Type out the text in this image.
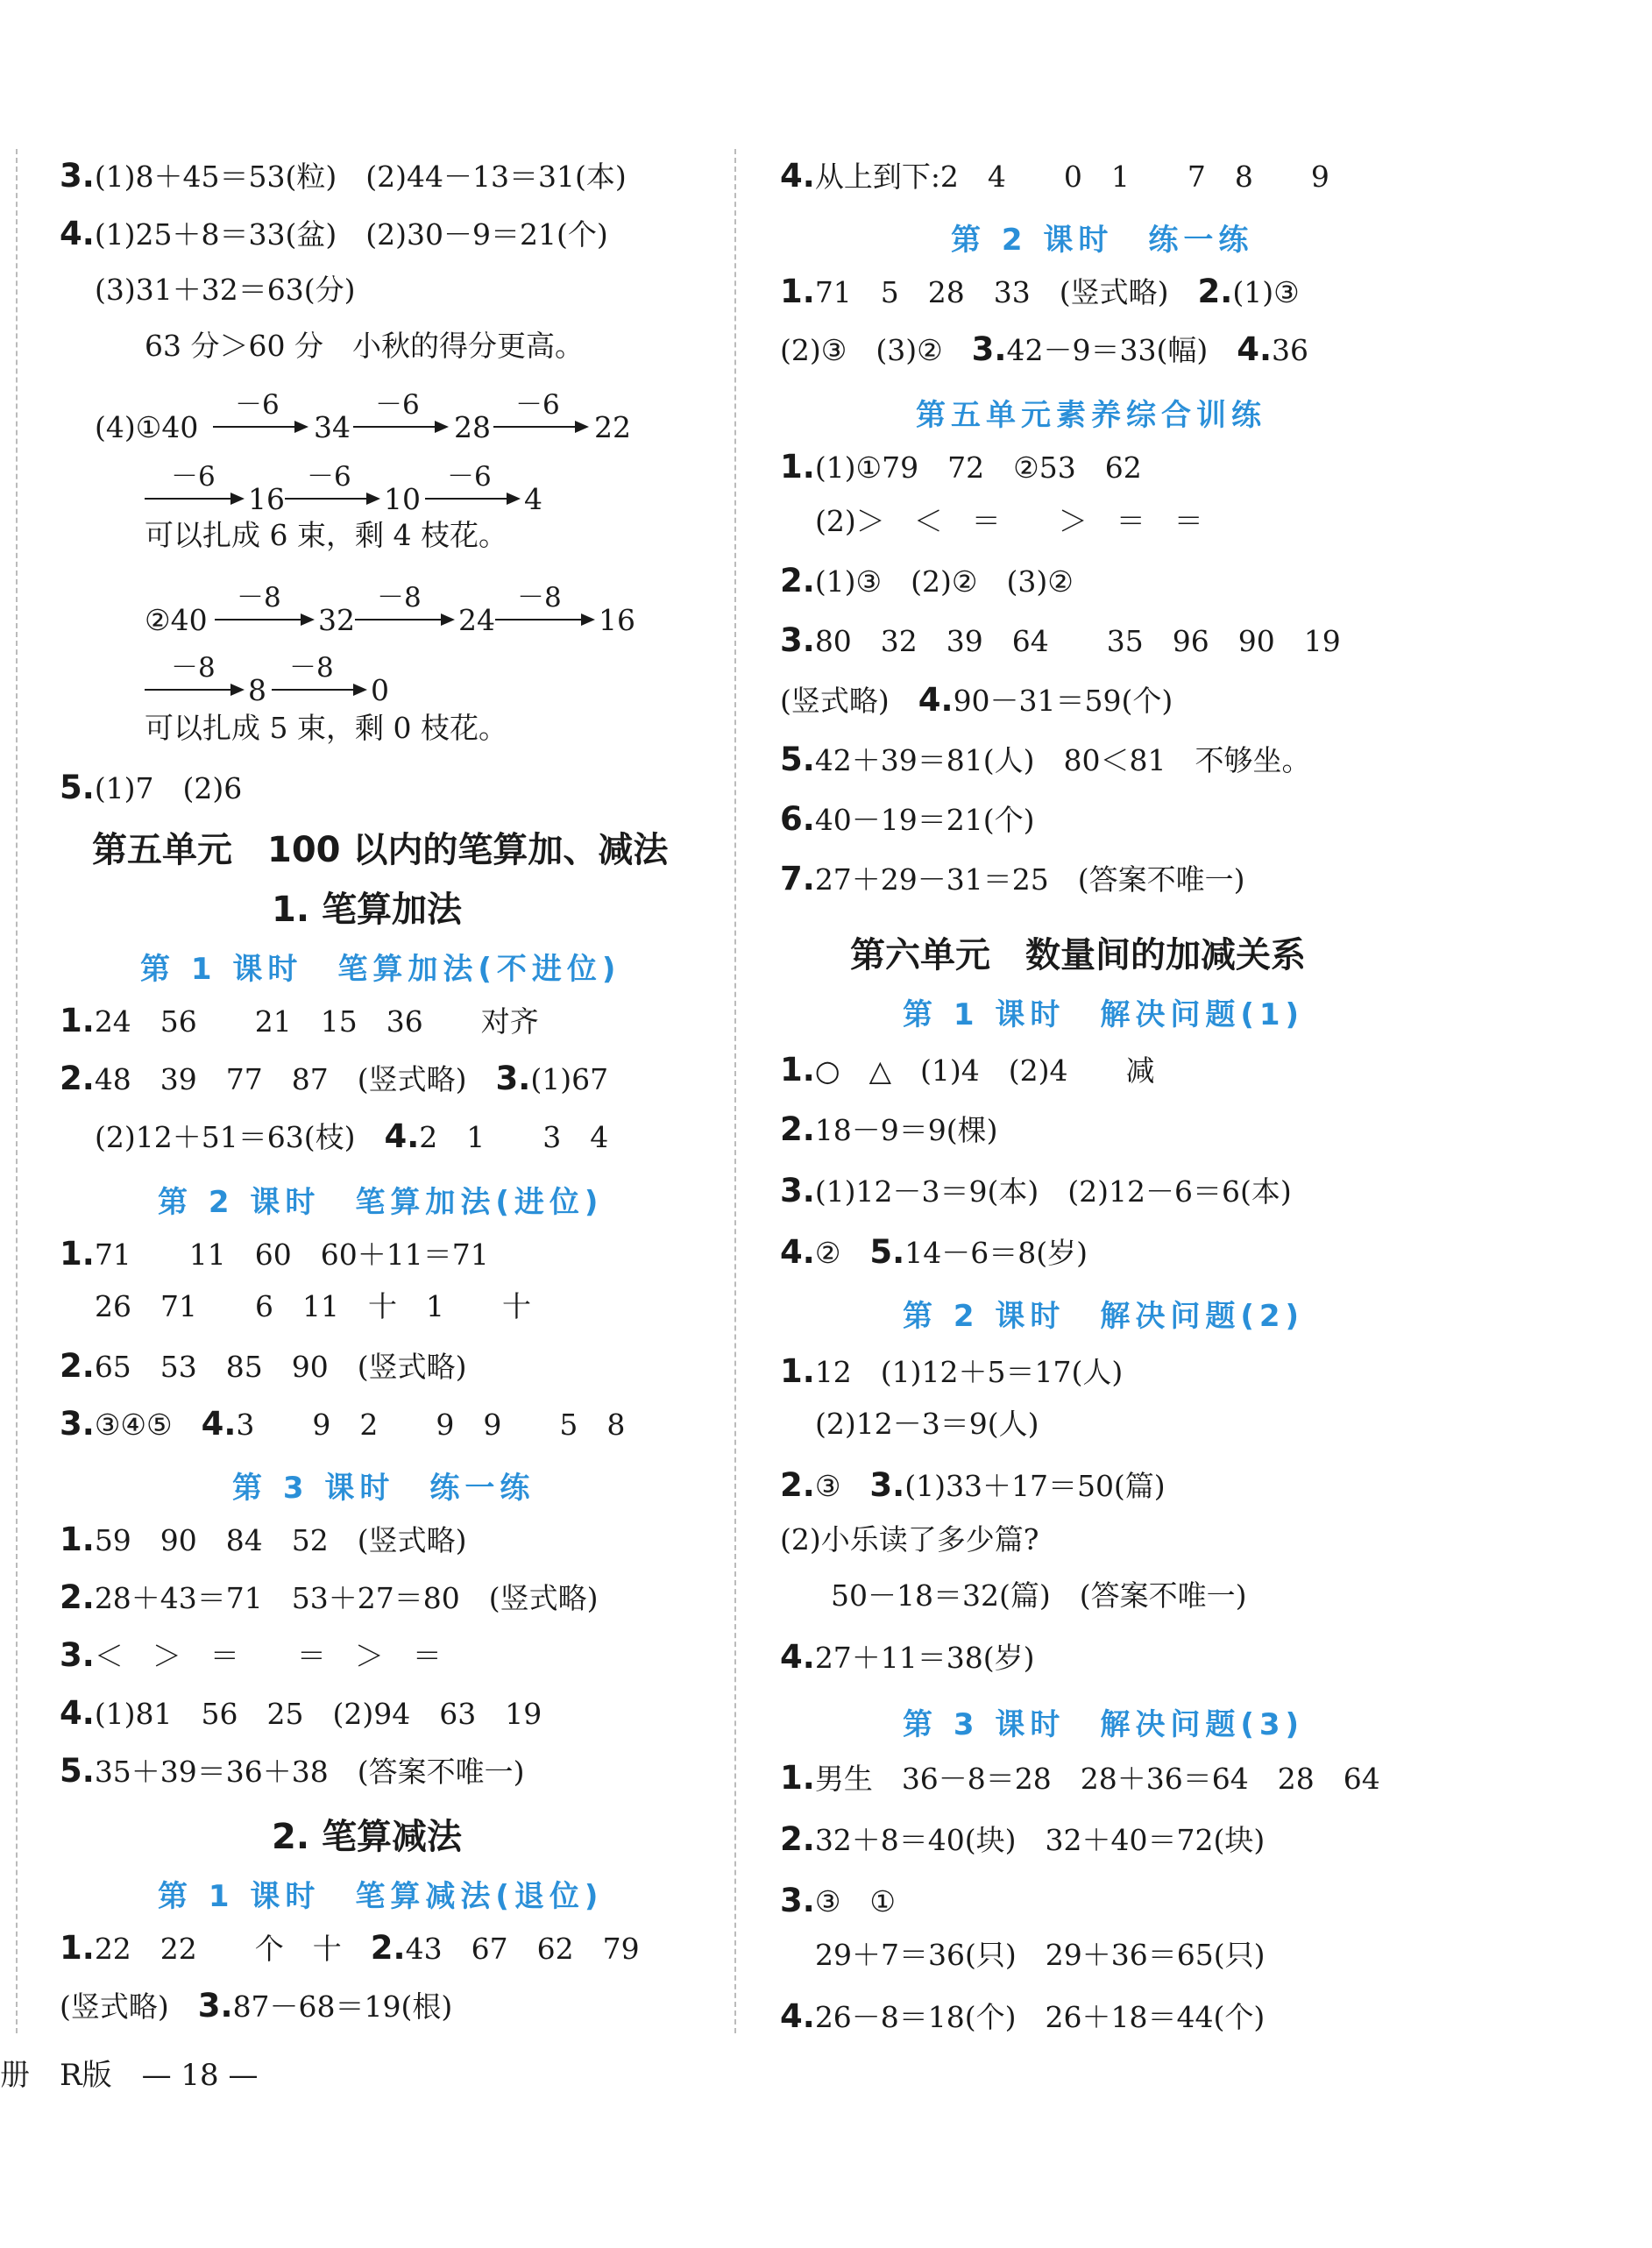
3.(1)8＋45＝53(粒)　(2)44－13＝31(本)
4.(1)25＋8＝33(盆)　(2)30－9＝21(个)
(3)31＋32＝63(分)
63 分＞60 分　小秋的得分更高。
(4)①40
－6
34
－6
28
－6
22
－6
16
－6
10
－6
4
可以扎成 6 束，剩 4 枝花。
②40
－8
32
－8
24
－8
16
－8
8
－8
0
可以扎成 5 束，剩 0 枝花。
5.(1)7　(2)6
第五单元　100 以内的笔算加、减法
1. 笔算加法
第 1 课时　笔算加法(不进位)
1.24　56　　21　15　36　　对齐
2.48　39　77　87　(竖式略)　 3.(1)67
(2)12＋51＝63(枝)　 4.2　1　　3　4
第 2 课时　笔算加法(进位)
1.71　　11　60　60＋11＝71
26　71　　6　11　十　1　　十
2.65　53　85　90　(竖式略)
3.③④⑤　 4.3　　9　2　　9　9　　5　8
第 3 课时　练一练
1.59　90　84　52　(竖式略)
2.28＋43＝71　53＋27＝80　(竖式略)
3.＜　＞　＝　　＝　＞　＝
4.(1)81　56　25　(2)94　63　19
5.35＋39＝36＋38　(答案不唯一)
2. 笔算减法
第 1 课时　笔算减法(退位)
1.22　22　　个　十　 2.43　67　62　79
(竖式略)　 3.87－68＝19(根)
4.从上到下:2　4　　0　1　　7　8　　9
第 2 课时　练一练
1.71　5　28　33　(竖式略)　 2.(1)③
(2)③　(3)②　 3.42－9＝33(幅)　 4.36
第五单元素养综合训练
1.(1)①79　72　②53　62
(2)＞　＜　＝　　＞　＝　＝
2.(1)③　(2)②　(3)②
3.80　32　39　64　　35　96　90　19
(竖式略)　 4.90－31＝59(个)
5.42＋39＝81(人)　80＜81　不够坐。
6.40－19＝21(个)
7.27＋29－31＝25　(答案不唯一)
第六单元　数量间的加减关系
第 1 课时　解决问题(1)
1.○　△　(1)4　(2)4　　减
2.18－9＝9(棵)
3.(1)12－3＝9(本)　(2)12－6＝6(本)
4.②　 5.14－6＝8(岁)
第 2 课时　解决问题(2)
1.12　(1)12＋5＝17(人)
(2)12－3＝9(人)
2.③　 3.(1)33＋17＝50(篇)
(2)小乐读了多少篇?
50－18＝32(篇)　(答案不唯一)
4.27＋11＝38(岁)
第 3 课时　解决问题(3)
1.男生　36－8＝28　28＋36＝64　28　64
2.32＋8＝40(块)　32＋40＝72(块)
3.③　①
29＋7＝36(只)　29＋36＝65(只)
4.26－8＝18(个)　26＋18＝44(个)
册　R版　— 18 —
